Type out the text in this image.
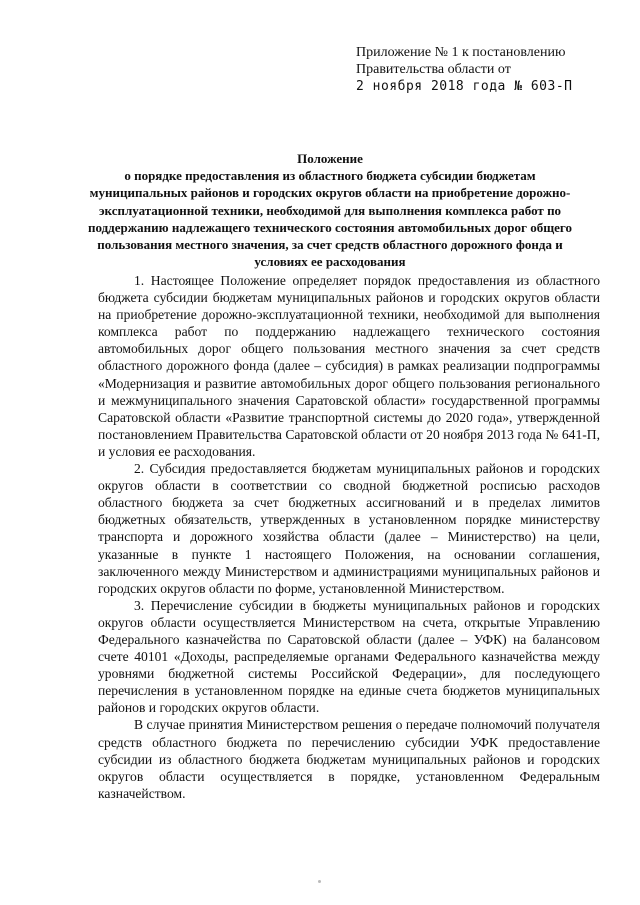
Приложение № 1 к постановлению
Правительства области от
2 ноября 2018 года № 603-П
Положение
о порядке предоставления из областного бюджета субсидии бюджетам муниципальных районов и городских округов области на приобретение дорожно-эксплуатационной техники, необходимой для выполнения комплекса работ по поддержанию надлежащего технического состояния автомобильных дорог общего пользования местного значения, за счет средств областного дорожного фонда и условиях ее расходования

1. Настоящее Положение определяет порядок предоставления из областного бюджета субсидии бюджетам муниципальных районов и городских округов области на приобретение дорожно-эксплуатационной техники, необходимой для выполнения комплекса работ по поддержанию надлежащего технического состояния автомобильных дорог общего пользования местного значения за счет средств областного дорожного фонда (далее – субсидия) в рамках реализации подпрограммы «Модернизация и развитие автомобильных дорог общего пользования регионального и межмуниципального значения Саратовской области» государственной программы Саратовской области «Развитие транспортной системы до 2020 года», утвержденной постановлением Правительства Саратовской области от 20 ноября 2013 года № 641-П, и условия ее расходования.

2. Субсидия предоставляется бюджетам муниципальных районов и городских округов области в соответствии со сводной бюджетной росписью расходов областного бюджета за счет бюджетных ассигнований и в пределах лимитов бюджетных обязательств, утвержденных в установленном порядке министерству транспорта и дорожного хозяйства области (далее – Министерство) на цели, указанные в пункте 1 настоящего Положения, на основании соглашения, заключенного между Министерством и администрациями муниципальных районов и городских округов области по форме, установленной Министерством.

3. Перечисление субсидии в бюджеты муниципальных районов и городских округов области осуществляется Министерством на счета, открытые Управлению Федерального казначейства по Саратовской области (далее – УФК) на балансовом счете 40101 «Доходы, распределяемые органами Федерального казначейства между уровнями бюджетной системы Российской Федерации», для последующего перечисления в установленном порядке на единые счета бюджетов муниципальных районов и городских округов области.

В случае принятия Министерством решения о передаче полномочий получателя средств областного бюджета по перечислению субсидии УФК предоставление субсидии из областного бюджета бюджетам муниципальных районов и городских округов области осуществляется в порядке, установленном Федеральным казначейством.
